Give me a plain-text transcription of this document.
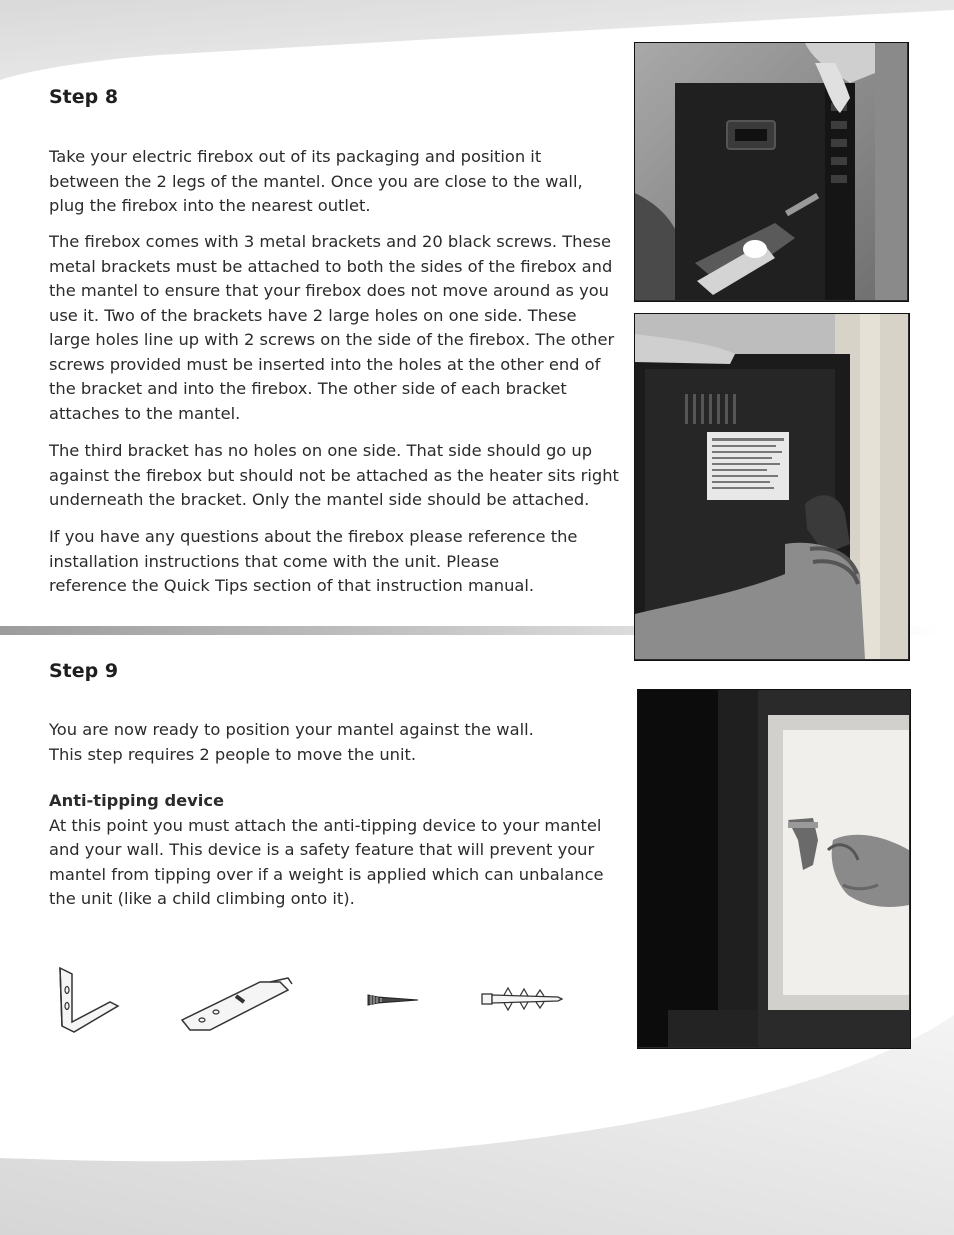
Step 8
Take your electric firebox out of its packaging and position it
between the 2 legs of the mantel. Once you are close to the wall,
plug the firebox into the nearest outlet.
The firebox comes with 3 metal brackets and 20 black screws. These
metal brackets must be attached to both the sides of the firebox and
the mantel to ensure that your firebox does not move around as you
use it. Two of the brackets have 2 large holes on one side. These
large holes line up with 2 screws on the side of the firebox. The other
screws provided must be inserted into the holes at the other end of
the bracket and into the firebox. The other side of each bracket
attaches to the mantel.
The third bracket has no holes on one side. That side should go up
against the firebox but should not be attached as the heater sits right
underneath the bracket. Only the mantel side should be attached.
If you have any questions about the firebox please reference the
installation instructions that come with the unit. Please
reference the Quick Tips section of that instruction manual.
Step 9
You are now ready to position your mantel against the wall.
This step requires 2 people to move the unit.
Anti-tipping device
At this point you must attach the anti-tipping device to your mantel
and your wall. This device is a safety feature that will prevent your
mantel from tipping over if a weight is applied which can unbalance
the unit (like a child climbing onto it).
